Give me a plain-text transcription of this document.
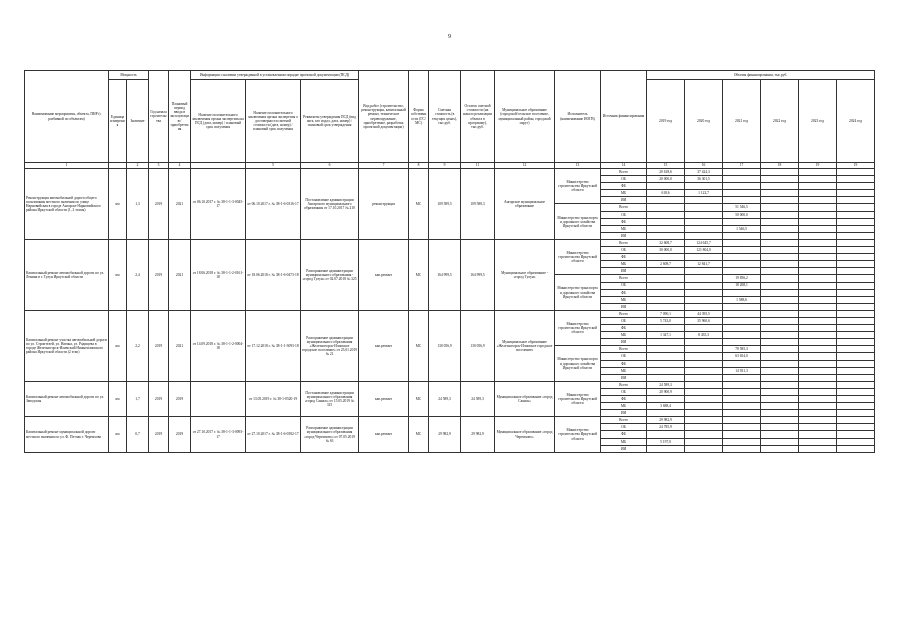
9
Наименование мероприятия, объекта, ПНР (с разбивкой по объектам)	Мощность		Год начала строительства	Плановый период ввода в эксплуатацию/ приобретения	Информация о наличии утвержденной в установленном порядке проектной документации (ПСД)			Вид работ (строительство, реконструкция, капитальный ремонт, техническое перевооружение, приобретение, разработка проектной документации)	Форма собственности (ГС/ МС)	Сметная стоимость (в текущих ценах), тыс.руб.	Остаток сметной стоимости (на начало реализации объекта в программу), тыс.руб.	Муниципальное образование (городской/сельское поселение, муниципальный район, городской округ)	Исполнитель (наименование ИОГВ)	Источник финансирования	Объемы финансирования, тыс.руб.					
	Единица измерения	Значение			Наличие положительного заключения органа экспертизы на ПСД (дата, номер) / плановый срок получения	Наличие положительного заключения органа экспертизы о достоверности сметной стоимости (дата, номер) / плановый срок получения	Реквизиты утверждения ПСД (вид акта, кто издал, дата, номер) / плановый срок утверждения								2019 год	2020 год	2021 год	2022 год	2023 год	2024 год
1		2	3	4		5	6	7	8	9	11	12	13	14	15	16	17	18	19	19
Реконструкция автомобильной дороги общего пользования местного значения по улице Нарновийская в городе Ангарске Нарновийского района Иркутской области (1, 2 этапы)	км	1,3	2019	2021	от 06.10.2017 г. № 38-1-1-3-0045-17	от 06.10.2017 г. № 38-1-6-0316-17	Постановление администрации Ангарского муниципального образования от 17.10.2017 № 210	реконструкция	МС	109 589,5	109 588,3	Ангарское муниципальное образование	Министерство строительства Иркутской области	Всего	20 618,6	37 424,3				
														ОБ	20 000,0	36 301,5				
														ФБ						
														МБ	618,6	1 122,7				
														ИИ						
													Министерство транспорта и дорожного хозяйства Иркутской области	Всего			51 546,5			
														ОБ			50 000,0			
														ФБ						
														МБ			1 546,5			
														ИИ						
Капитальный ремонт автомобильной дороги по ул. Ленина в г. Тулун Иркутской области	км	2,4	2019	2021	от 18.06.2018 г. № 38-1-1-2-0161-18	от 18.06.2018 г. № 38-1-6-0473-18	Распоряжение администрации муниципального образования - «город Тулун» от 02.07.2018 № 325	кап.ремонт	МС	164 999,5	164 999,5	Муниципальное образование - «город Тулун»	Министерство строительства Иркутской области	Всего	32 608,7	124 645,7				
														ОБ	30 000,0	121 804,0				
														ФБ						
														МБ	2 608,7	12 841,7				
														ИИ						
													Министерство транспорта и дорожного хозяйства Иркутской области	Всего			19 856,2			
														ОБ			18 268,1			
														ФБ						
														МБ			1 588,6			
														ИИ						
Капитальный ремонт участка автомобильной дороги по ул. Строителей, ул. Нагина, ул. Радищева в городе Железногорск-Илимский Нижнеилимского района Иркутской области (2 этап)	км	2,2	2019	2021	от 14.09.2018 г. № 38-1-1-2-0004-18	от 17.12.2018 г. № 38-1-1-3093-18	Распоряжение администрации муниципального образования «Железногорск-Илимское городское поселение» от 23.01.2019 № 21	кап.ремонт	МС	130 056,9	130 056,9	Муниципальное образование «Железногорск-Илимское городское поселение»	Министерство строительства Иркутской области	Всего	7 090,1	44 395,5				
														ОБ	5 743,0	35 960,6				
														ФБ						
														МБ	1 347,1	8 435,3				
														ИИ						
													Министерство транспорта и дорожного хозяйства Иркутской области	Всего			78 585,3			
														ОБ			63 654,0			
														ФБ						
														МБ			14 931,3			
														ИИ						
Капитальный ремонт автомобильной дороги по ул. Заводская	км	1,7	2019	2019		от 13.05.2019 г. № 38-1-0520-19	Постановление администрации муниципального образования «город Саянск» от 15.05.2019 № 315	кап.ремонт	МС	24 589,3	24 589,3	Муниципальное образование «город Саянск»	Министерство строительства Иркутской области	Всего	24 589,3					
														ОБ	20 900,9					
														ФБ						
														МБ	3 688,4					
														ИИ						
Капитальный ремонт муниципальной дороги местного значения по ул. Ф. Петчак г. Черемхово	км	0,7	2019	2019	от 27.10.2017 г. № 38-1-1-3-0093-17	от 27.10.2017 г. № 38-1-6-0392-17	Распоряжение администрации муниципального образования «город Черемхово» от 07.05.2019 № 63	кап.ремонт	МС	29 982,9	29 982,9	Муниципальное образование «город Черемхово»	Министерство строительства Иркутской области	Всего	29 982,9					
														ОБ	24 785,9					
														ФБ						
														МБ	5 197,0					
														ИИ						
